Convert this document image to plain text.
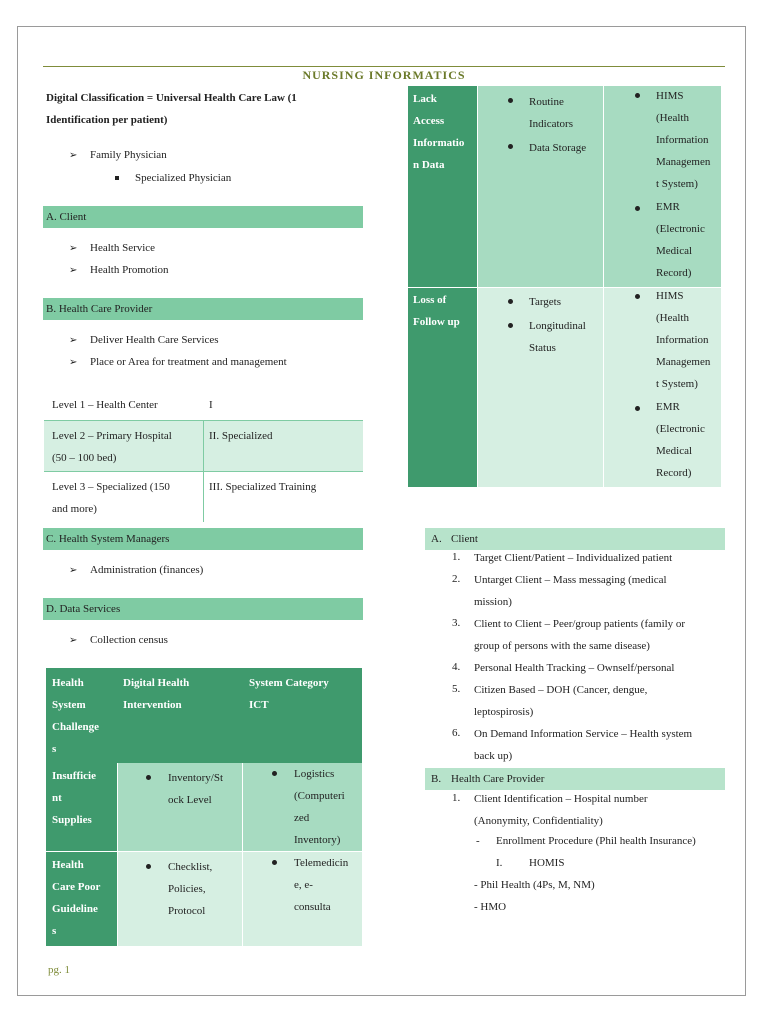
NURSING INFORMATICS
Digital Classification = Universal Health Care Law (1
Identification per patient)
➢ Family Physician
Specialized Physician
A. Client
➢ Health Service
➢ Health Promotion
B. Health Care Provider
➢ Deliver Health Care Services
➢ Place or Area for treatment and management
Level 1 – Health Center	I
Level 2 – Primary Hospital
(50 – 100 bed)
II. Specialized
Level 3 – Specialized (150
and more)
III. Specialized Training
C. Health System Managers
➢ Administration (finances)
D. Data Services
➢ Collection census
Health
System
Challenge
s
Digital Health
Intervention
System Category
ICT
Insufficie
nt
Supplies
Inventory/St
ock Level
Logistics
(Computeri
zed
Inventory)
Health
Care Poor
Guideline
s
Checklist,
Policies,
Protocol
Telemedicin
e, e-
consulta
Lack
Access
Informatio
n Data
Routine
Indicators
Data Storage
HIMS
(Health
Information
Managemen
t System)
EMR
(Electronic
Medical
Record)
Loss of
Follow up
Targets
Longitudinal
Status
HIMS
(Health
Information
Managemen
t System)
EMR
(Electronic
Medical
Record)
A. Client
1. Target Client/Patient – Individualized patient
2. Untarget Client – Mass messaging (medical
mission)
3. Client to Client – Peer/group patients (family or
group of persons with the same disease)
4. Personal Health Tracking – Ownself/personal
5. Citizen Based – DOH (Cancer, dengue,
leptospirosis)
6. On Demand Information Service – Health system
back up)
B. Health Care Provider
1. Client Identification – Hospital number
(Anonymity, Confidentiality)
- Enrollment Procedure (Phil health Insurance)
I. HOMIS
- Phil Health (4Ps, M, NM)
- HMO
pg. 1
